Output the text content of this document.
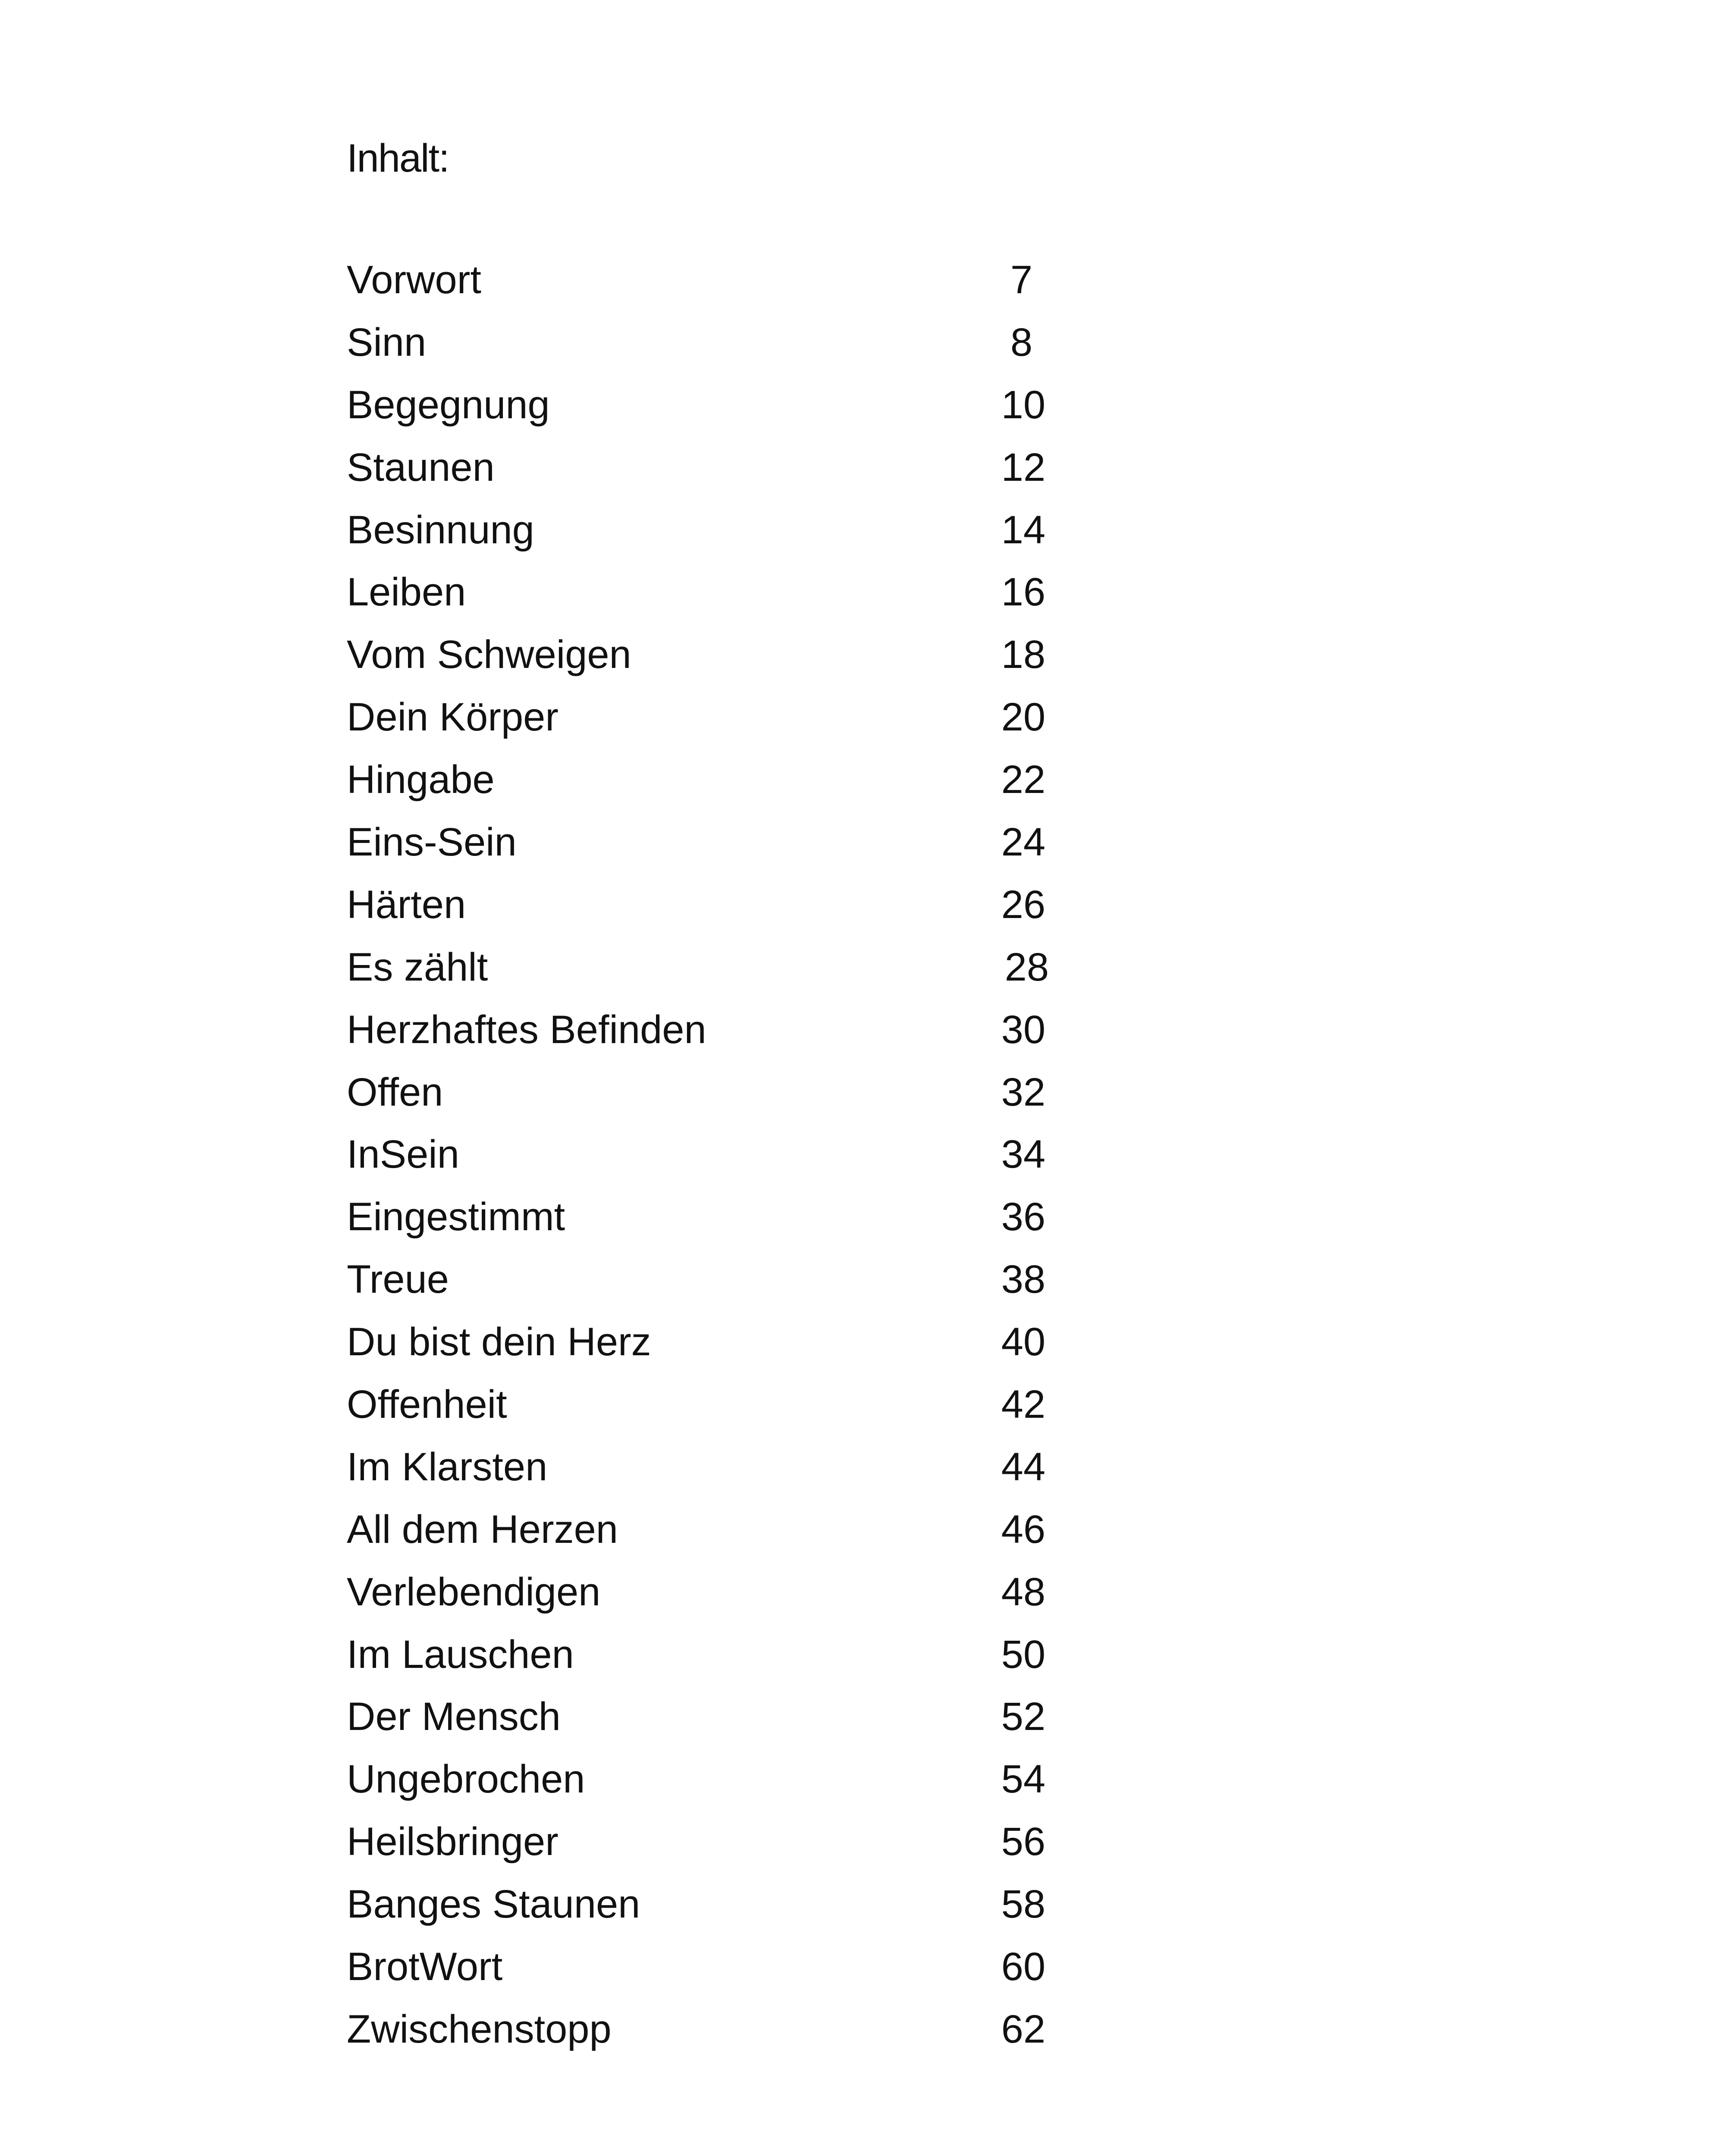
Inhalt:
Vorwort	7
Sinn	8
Begegnung	10
Staunen	12
Besinnung	14
Leiben	16
Vom Schweigen	18
Dein Körper	20
Hingabe	22
Eins-Sein	24
Härten	26
Es zählt	28
Herzhaftes Befinden	30
Offen	32
InSein	34
Eingestimmt	36
Treue	38
Du bist dein Herz	40
Offenheit	42
Im Klarsten	44
All dem Herzen	46
Verlebendigen	48
Im Lauschen	50
Der Mensch	52
Ungebrochen	54
Heilsbringer	56
Banges Staunen	58
BrotWort	60
Zwischenstopp	62
